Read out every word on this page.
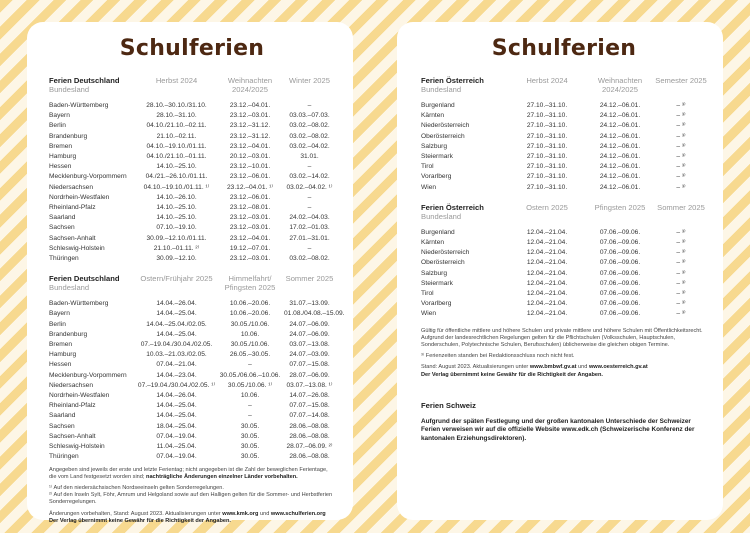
Schulferien
Ferien Deutschland
Bundesland	Herbst 2024	Weihnachten 2024/2025	Winter 2025
Baden-Württemberg	28.10.–30.10./31.10.	23.12.–04.01.	–
Bayern	28.10.–31.10.	23.12.–03.01.	03.03.–07.03.
Berlin	04.10./21.10.–02.11.	23.12.–31.12.	03.02.–08.02.
Brandenburg	21.10.–02.11.	23.12.–31.12.	03.02.–08.02.
Bremen	04.10.–19.10./01.11.	23.12.–04.01.	03.02.–04.02.
Hamburg	04.10./21.10.–01.11.	20.12.–03.01.	31.01.
Hessen	14.10.–25.10.	23.12.–10.01.	–
Mecklenburg-Vorpommern	04./21.–26.10./01.11.	23.12.–06.01.	03.02.–14.02.
Niedersachsen	04.10.–19.10./01.11. ¹⁾	23.12.–04.01. ¹⁾	03.02.–04.02. ¹⁾
Nordrhein-Westfalen	14.10.–26.10.	23.12.–06.01.	–
Rheinland-Pfalz	14.10.–25.10.	23.12.–08.01.	–
Saarland	14.10.–25.10.	23.12.–03.01.	24.02.–04.03.
Sachsen	07.10.–19.10.	23.12.–03.01.	17.02.–01.03.
Sachsen-Anhalt	30.09.–12.10./01.11.	23.12.–04.01.	27.01.–31.01.
Schleswig-Holstein	21.10.–01.11. ²⁾	19.12.–07.01.	–
Thüringen	30.09.–12.10.	23.12.–03.01.	03.02.–08.02.
Ferien Deutschland
Bundesland	Ostern/Frühjahr 2025	Himmelfahrt/ Pfingsten 2025	Sommer 2025
Baden-Württemberg	14.04.–26.04.	10.06.–20.06.	31.07.–13.09.
Bayern	14.04.–25.04.	10.06.–20.06.	01.08./04.08.–15.09.
Berlin	14.04.–25.04./02.05.	30.05./10.06.	24.07.–06.09.
Brandenburg	14.04.–25.04.	10.06.	24.07.–06.09.
Bremen	07.–19.04./30.04./02.05.	30.05./10.06.	03.07.–13.08.
Hamburg	10.03.–21.03./02.05.	26.05.–30.05.	24.07.–03.09.
Hessen	07.04.–21.04.	–	07.07.–15.08.
Mecklenburg-Vorpommern	14.04.–23.04.	30.05./06.06.–10.06.	28.07.–06.09.
Niedersachsen	07.–19.04./30.04./02.05. ¹⁾	30.05./10.06. ¹⁾	03.07.–13.08. ¹⁾
Nordrhein-Westfalen	14.04.–26.04.	10.06.	14.07.–26.08.
Rheinland-Pfalz	14.04.–25.04.	–	07.07.–15.08.
Saarland	14.04.–25.04.	–	07.07.–14.08.
Sachsen	18.04.–25.04.	30.05.	28.06.–08.08.
Sachsen-Anhalt	07.04.–19.04.	30.05.	28.06.–08.08.
Schleswig-Holstein	11.04.–25.04.	30.05.	28.07.–06.09. ²⁾
Thüringen	07.04.–19.04.	30.05.	28.06.–08.08.

Angegeben sind jeweils der erste und letzte Ferientag; nicht angegeben ist die Zahl der beweglichen Ferientage, die vom Land festgesetzt worden sind; nachträgliche Änderungen einzelner Länder vorbehalten.

¹⁾ Auf den niedersächsischen Nordseeinseln gelten Sonderregelungen.

²⁾ Auf den Inseln Sylt, Föhr, Amrum und Helgoland sowie auf den Halligen gelten für die Sommer- und Herbstferien Sonderregelungen.

Änderungen vorbehalten, Stand: August 2023. Aktualisierungen unter www.kmk.org und www.schulferien.org

Der Verlag übernimmt keine Gewähr für die Richtigkeit der Angaben.

Schulferien
Ferien Österreich
Bundesland	Herbst 2024	Weihnachten 2024/2025	Semester 2025
Burgenland	27.10.–31.10.	24.12.–06.01.	– ³⁾
Kärnten	27.10.–31.10.	24.12.–06.01.	– ³⁾
Niederösterreich	27.10.–31.10.	24.12.–06.01.	– ³⁾
Oberösterreich	27.10.–31.10.	24.12.–06.01.	– ³⁾
Salzburg	27.10.–31.10.	24.12.–06.01.	– ³⁾
Steiermark	27.10.–31.10.	24.12.–06.01.	– ³⁾
Tirol	27.10.–31.10.	24.12.–06.01.	– ³⁾
Vorarlberg	27.10.–31.10.	24.12.–06.01.	– ³⁾
Wien	27.10.–31.10.	24.12.–06.01.	– ³⁾
Ferien Österreich
Bundesland	Ostern 2025	Pfingsten 2025	Sommer 2025
Burgenland	12.04.–21.04.	07.06.–09.06.	– ³⁾
Kärnten	12.04.–21.04.	07.06.–09.06.	– ³⁾
Niederösterreich	12.04.–21.04.	07.06.–09.06.	– ³⁾
Oberösterreich	12.04.–21.04.	07.06.–09.06.	– ³⁾
Salzburg	12.04.–21.04.	07.06.–09.06.	– ³⁾
Steiermark	12.04.–21.04.	07.06.–09.06.	– ³⁾
Tirol	12.04.–21.04.	07.06.–09.06.	– ³⁾
Vorarlberg	12.04.–21.04.	07.06.–09.06.	– ³⁾
Wien	12.04.–21.04.	07.06.–09.06.	– ³⁾

Gültig für öffentliche mittlere und höhere Schulen und private mittlere und höhere Schulen mit Öffentlichkeitsrecht. Aufgrund der landesrechtlichen Regelungen gelten für die Pflichtschulen (Volksschulen, Hauptschulen, Sonderschulen, Polytechnische Schulen, Berufsschulen) üblicherweise die gleichen obigen Termine.

³⁾ Ferienzeiten standen bei Redaktionsschluss noch nicht fest.

Stand: August 2023. Aktualisierungen unter www.bmbwf.gv.at und www.oesterreich.gv.at

Der Verlag übernimmt keine Gewähr für die Richtigkeit der Angaben.

Ferien Schweiz

Aufgrund der späten Festlegung und der großen kantonalen Unterschiede der Schweizer Ferien verweisen wir auf die offizielle Website www.edk.ch (Schweizerische Konferenz der kantonalen Erziehungsdirektoren).
